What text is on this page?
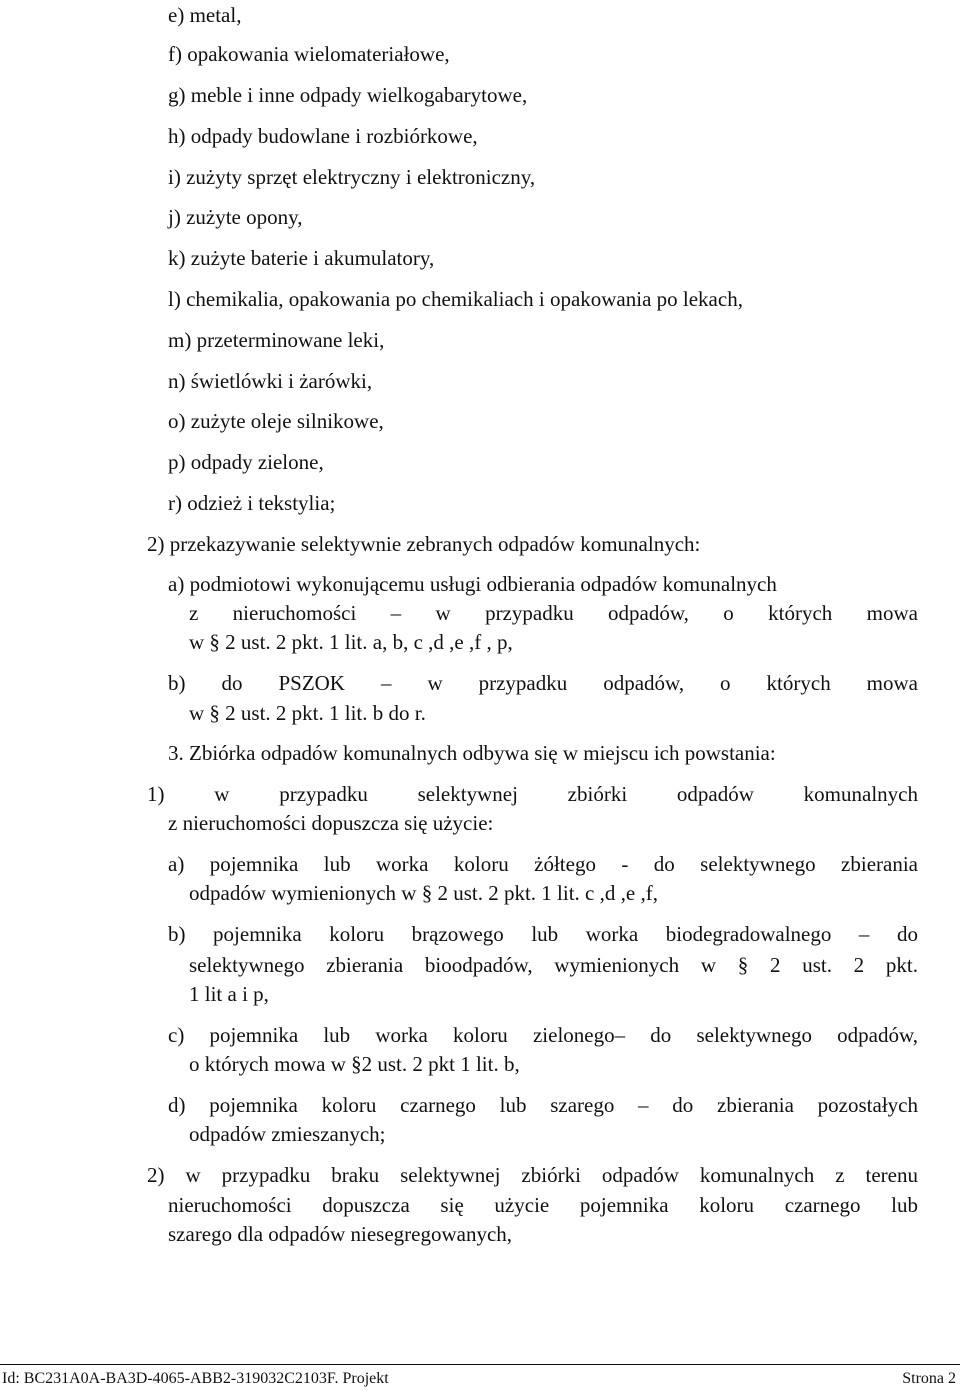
e) metal,
f) opakowania wielomateriałowe,
g) meble i inne odpady wielkogabarytowe,
h) odpady budowlane i rozbiórkowe,
i) zużyty sprzęt elektryczny i elektroniczny,
j) zużyte opony,
k) zużyte baterie i akumulatory,
l) chemikalia, opakowania po chemikaliach i opakowania po lekach,
m) przeterminowane leki,
n) świetlówki i żarówki,
o) zużyte oleje silnikowe,
p) odpady zielone,
r) odzież i tekstylia;
2) przekazywanie selektywnie zebranych odpadów komunalnych:
a) podmiotowi wykonującemu usługi odbierania odpadów komunalnych
z nieruchomości – w przypadku odpadów, o których mowa
w § 2 ust. 2 pkt. 1 lit. a, b, c ,d ,e ,f , p,
b) do PSZOK – w przypadku odpadów, o których mowa
w § 2 ust. 2 pkt. 1 lit. b do r.
3. Zbiórka odpadów komunalnych odbywa się w miejscu ich powstania:
1) w przypadku selektywnej zbiórki odpadów komunalnych
z nieruchomości dopuszcza się użycie:
a) pojemnika lub worka koloru żółtego - do selektywnego zbierania
odpadów wymienionych w § 2 ust. 2 pkt. 1 lit. c ,d ,e ,f,
b) pojemnika koloru brązowego lub worka biodegradowalnego – do
selektywnego zbierania bioodpadów, wymienionych w § 2 ust. 2 pkt.
1 lit a i p,
c) pojemnika lub worka koloru zielonego– do selektywnego odpadów,
o których mowa w §2 ust. 2 pkt 1 lit. b,
d) pojemnika koloru czarnego lub szarego – do zbierania pozostałych
odpadów zmieszanych;
2) w przypadku braku selektywnej zbiórki odpadów komunalnych z terenu
nieruchomości dopuszcza się użycie pojemnika koloru czarnego lub
szarego dla odpadów niesegregowanych,
Id: BC231A0A-BA3D-4065-ABB2-319032C2103F. Projekt	Strona 2
